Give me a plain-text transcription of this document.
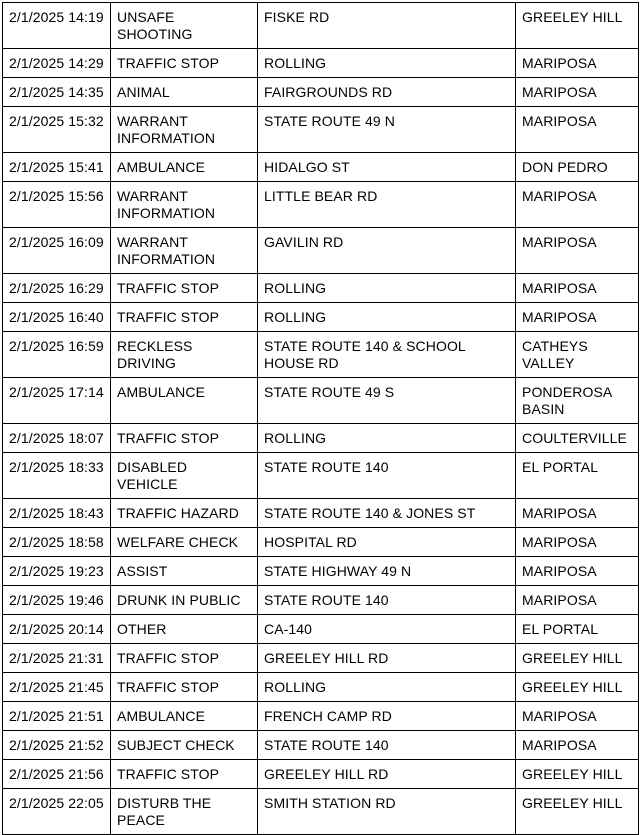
2/1/2025 14:19	UNSAFE SHOOTING	FISKE RD	GREELEY HILL
2/1/2025 14:29	TRAFFIC STOP	ROLLING	MARIPOSA
2/1/2025 14:35	ANIMAL	FAIRGROUNDS RD	MARIPOSA
2/1/2025 15:32	WARRANT INFORMATION	STATE ROUTE 49 N	MARIPOSA
2/1/2025 15:41	AMBULANCE	HIDALGO ST	DON PEDRO
2/1/2025 15:56	WARRANT INFORMATION	LITTLE BEAR RD	MARIPOSA
2/1/2025 16:09	WARRANT INFORMATION	GAVILIN RD	MARIPOSA
2/1/2025 16:29	TRAFFIC STOP	ROLLING	MARIPOSA
2/1/2025 16:40	TRAFFIC STOP	ROLLING	MARIPOSA
2/1/2025 16:59	RECKLESS DRIVING	STATE ROUTE 140 & SCHOOL HOUSE RD	CATHEYS VALLEY
2/1/2025 17:14	AMBULANCE	STATE ROUTE 49 S	PONDEROSA BASIN
2/1/2025 18:07	TRAFFIC STOP	ROLLING	COULTERVILLE
2/1/2025 18:33	DISABLED VEHICLE	STATE ROUTE 140	EL PORTAL
2/1/2025 18:43	TRAFFIC HAZARD	STATE ROUTE 140 & JONES ST	MARIPOSA
2/1/2025 18:58	WELFARE CHECK	HOSPITAL RD	MARIPOSA
2/1/2025 19:23	ASSIST	STATE HIGHWAY 49 N	MARIPOSA
2/1/2025 19:46	DRUNK IN PUBLIC	STATE ROUTE 140	MARIPOSA
2/1/2025 20:14	OTHER	CA-140	EL PORTAL
2/1/2025 21:31	TRAFFIC STOP	GREELEY HILL RD	GREELEY HILL
2/1/2025 21:45	TRAFFIC STOP	ROLLING	GREELEY HILL
2/1/2025 21:51	AMBULANCE	FRENCH CAMP RD	MARIPOSA
2/1/2025 21:52	SUBJECT CHECK	STATE ROUTE 140	MARIPOSA
2/1/2025 21:56	TRAFFIC STOP	GREELEY HILL RD	GREELEY HILL
2/1/2025 22:05	DISTURB THE PEACE	SMITH STATION RD	GREELEY HILL
